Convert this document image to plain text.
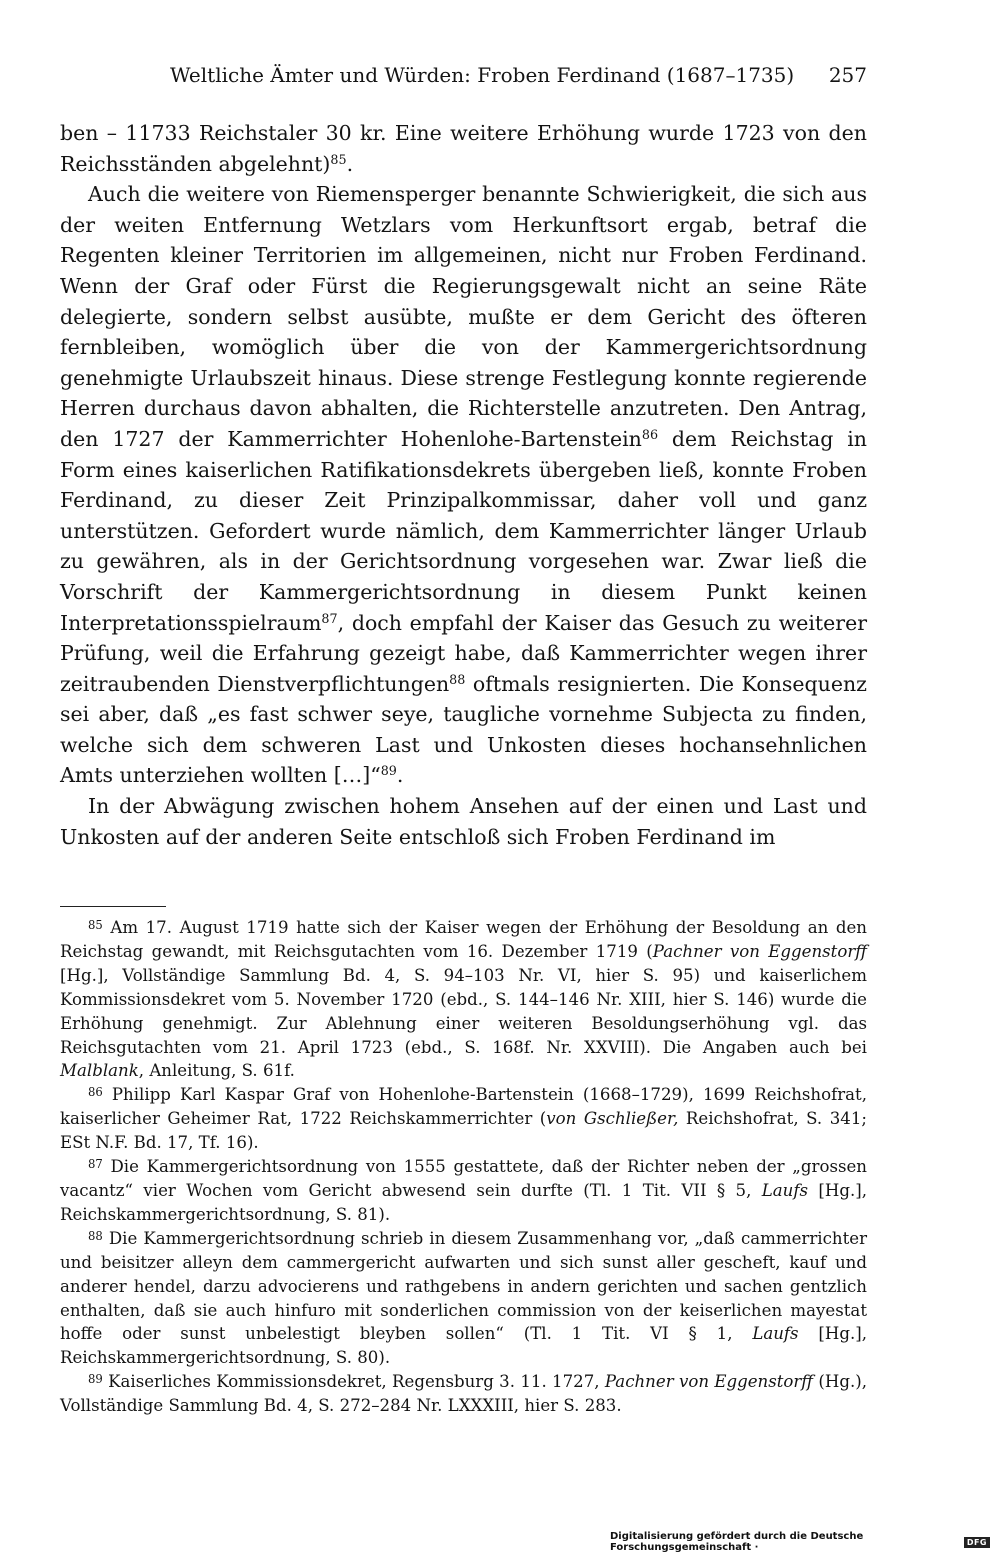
Weltliche Ämter und Würden: Froben Ferdinand (1687–1735) 257

ben – 11733 Reichstaler 30 kr. Eine weitere Erhöhung wurde 1723 von den Reichsständen abgelehnt)$^{85}$.

Auch die weitere von Riemensperger benannte Schwierigkeit, die sich aus der weiten Entfernung Wetzlars vom Herkunftsort ergab, betraf die Regenten kleiner Territorien im allgemeinen, nicht nur Froben Ferdinand. Wenn der Graf oder Fürst die Regierungsgewalt nicht an seine Räte delegierte, sondern selbst ausübte, mußte er dem Gericht des öfteren fernbleiben, womöglich über die von der Kammergerichtsordnung genehmigte Urlaubszeit hinaus. Diese strenge Festlegung konnte regierende Herren durchaus davon abhalten, die Richterstelle anzutreten. Den Antrag, den 1727 der Kammerrichter Hohenlohe-Bartenstein$^{86}$ dem Reichstag in Form eines kaiserlichen Ratifikationsdekrets übergeben ließ, konnte Froben Ferdinand, zu dieser Zeit Prinzipalkommissar, daher voll und ganz unterstützen. Gefordert wurde nämlich, dem Kammerrichter länger Urlaub zu gewähren, als in der Gerichtsordnung vorgesehen war. Zwar ließ die Vorschrift der Kammergerichtsordnung in diesem Punkt keinen Interpretationsspielraum$^{87}$, doch empfahl der Kaiser das Gesuch zu weiterer Prüfung, weil die Erfahrung gezeigt habe, daß Kammerrichter wegen ihrer zeitraubenden Dienstverpflichtungen$^{88}$ oftmals resignierten. Die Konsequenz sei aber, daß „es fast schwer seye, taugliche vornehme Subjecta zu finden, welche sich dem schweren Last und Unkosten dieses hochansehnlichen Amts unterziehen wollten […]“$^{89}$.

In der Abwägung zwischen hohem Ansehen auf der einen und Last und Unkosten auf der anderen Seite entschloß sich Froben Ferdinand im

$^{85}$ Am 17. August 1719 hatte sich der Kaiser wegen der Erhöhung der Besoldung an den Reichstag gewandt, mit Reichsgutachten vom 16. Dezember 1719 (Pachner von Eggenstorff [Hg.], Vollständige Sammlung Bd. 4, S. 94–103 Nr. VI, hier S. 95) und kaiserlichem Kommissionsdekret vom 5. November 1720 (ebd., S. 144–146 Nr. XIII, hier S. 146) wurde die Erhöhung genehmigt. Zur Ablehnung einer weiteren Besoldungserhöhung vgl. das Reichsgutachten vom 21. April 1723 (ebd., S. 168f. Nr. XXVIII). Die Angaben auch bei Malblank, Anleitung, S. 61f.

$^{86}$ Philipp Karl Kaspar Graf von Hohenlohe-Bartenstein (1668–1729), 1699 Reichshofrat, kaiserlicher Geheimer Rat, 1722 Reichskammerrichter (von Gschließer, Reichshofrat, S. 341; ESt N.F. Bd. 17, Tf. 16).

$^{87}$ Die Kammergerichtsordnung von 1555 gestattete, daß der Richter neben der „grossen vacantz“ vier Wochen vom Gericht abwesend sein durfte (Tl. 1 Tit. VII § 5, Laufs [Hg.], Reichskammergerichtsordnung, S. 81).

$^{88}$ Die Kammergerichtsordnung schrieb in diesem Zusammenhang vor, „daß cammerrichter und beisitzer alleyn dem cammergericht aufwarten und sich sunst aller gescheft, kauf und anderer hendel, darzu advocierens und rathgebens in andern gerichten und sachen gentzlich enthalten, daß sie auch hinfuro mit sonderlichen commission von der keiserlichen mayestat hoffe oder sunst unbelestigt bleyben sollen“ (Tl. 1 Tit. VI § 1, Laufs [Hg.], Reichskammergerichtsordnung, S. 80).

$^{89}$ Kaiserliches Kommissionsdekret, Regensburg 3. 11. 1727, Pachner von Eggenstorff (Hg.), Vollständige Sammlung Bd. 4, S. 272–284 Nr. LXXXIII, hier S. 283.

Digitalisierung gefördert durch die Deutsche Forschungsgemeinschaft ·	DFG
